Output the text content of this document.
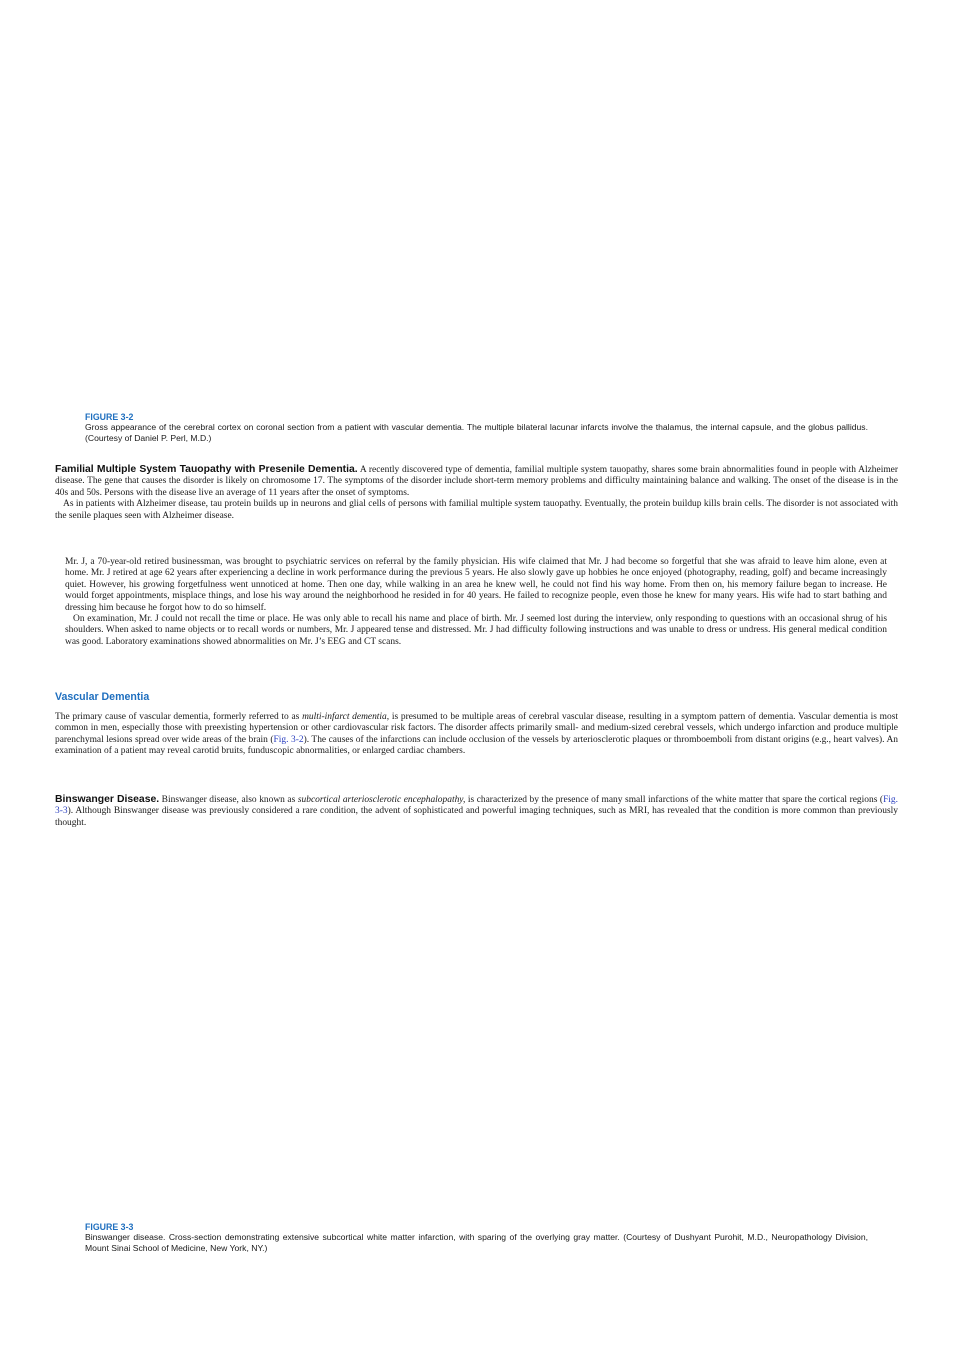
FIGURE 3-2
Gross appearance of the cerebral cortex on coronal section from a patient with vascular dementia. The multiple bilateral lacunar infarcts involve the thalamus, the internal capsule, and the globus pallidus. (Courtesy of Daniel P. Perl, M.D.)

Familial Multiple System Tauopathy with Presenile Dementia. A recently discovered type of dementia, familial multiple system tauopathy, shares some brain abnormalities found in people with Alzheimer disease. The gene that causes the disorder is likely on chromosome 17. The symptoms of the disorder include short-term memory problems and difficulty maintaining balance and walking. The onset of the disease is in the 40s and 50s. Persons with the disease live an average of 11 years after the onset of symptoms.

As in patients with Alzheimer disease, tau protein builds up in neurons and glial cells of persons with familial multiple system tauopathy. Eventually, the protein buildup kills brain cells. The disorder is not associated with the senile plaques seen with Alzheimer disease.

Mr. J, a 70-year-old retired businessman, was brought to psychiatric services on referral by the family physician. His wife claimed that Mr. J had become so forgetful that she was afraid to leave him alone, even at home. Mr. J retired at age 62 years after experiencing a decline in work performance during the previous 5 years. He also slowly gave up hobbies he once enjoyed (photography, reading, golf) and became increasingly quiet. However, his growing forgetfulness went unnoticed at home. Then one day, while walking in an area he knew well, he could not find his way home. From then on, his memory failure began to increase. He would forget appointments, misplace things, and lose his way around the neighborhood he resided in for 40 years. He failed to recognize people, even those he knew for many years. His wife had to start bathing and dressing him because he forgot how to do so himself.

On examination, Mr. J could not recall the time or place. He was only able to recall his name and place of birth. Mr. J seemed lost during the interview, only responding to questions with an occasional shrug of his shoulders. When asked to name objects or to recall words or numbers, Mr. J appeared tense and distressed. Mr. J had difficulty following instructions and was unable to dress or undress. His general medical condition was good. Laboratory examinations showed abnormalities on Mr. J’s EEG and CT scans.

Vascular Dementia

The primary cause of vascular dementia, formerly referred to as multi-infarct dementia, is presumed to be multiple areas of cerebral vascular disease, resulting in a symptom pattern of dementia. Vascular dementia is most common in men, especially those with preexisting hypertension or other cardiovascular risk factors. The disorder affects primarily small- and medium-sized cerebral vessels, which undergo infarction and produce multiple parenchymal lesions spread over wide areas of the brain (Fig. 3-2). The causes of the infarctions can include occlusion of the vessels by arteriosclerotic plaques or thromboemboli from distant origins (e.g., heart valves). An examination of a patient may reveal carotid bruits, funduscopic abnormalities, or enlarged cardiac chambers.

Binswanger Disease. Binswanger disease, also known as subcortical arteriosclerotic encephalopathy, is characterized by the presence of many small infarctions of the white matter that spare the cortical regions (Fig. 3-3). Although Binswanger disease was previously considered a rare condition, the advent of sophisticated and powerful imaging techniques, such as MRI, has revealed that the condition is more common than previously thought.

FIGURE 3-3
Binswanger disease. Cross-section demonstrating extensive subcortical white matter infarction, with sparing of the overlying gray matter. (Courtesy of Dushyant Purohit, M.D., Neuropathology Division, Mount Sinai School of Medicine, New York, NY.)
